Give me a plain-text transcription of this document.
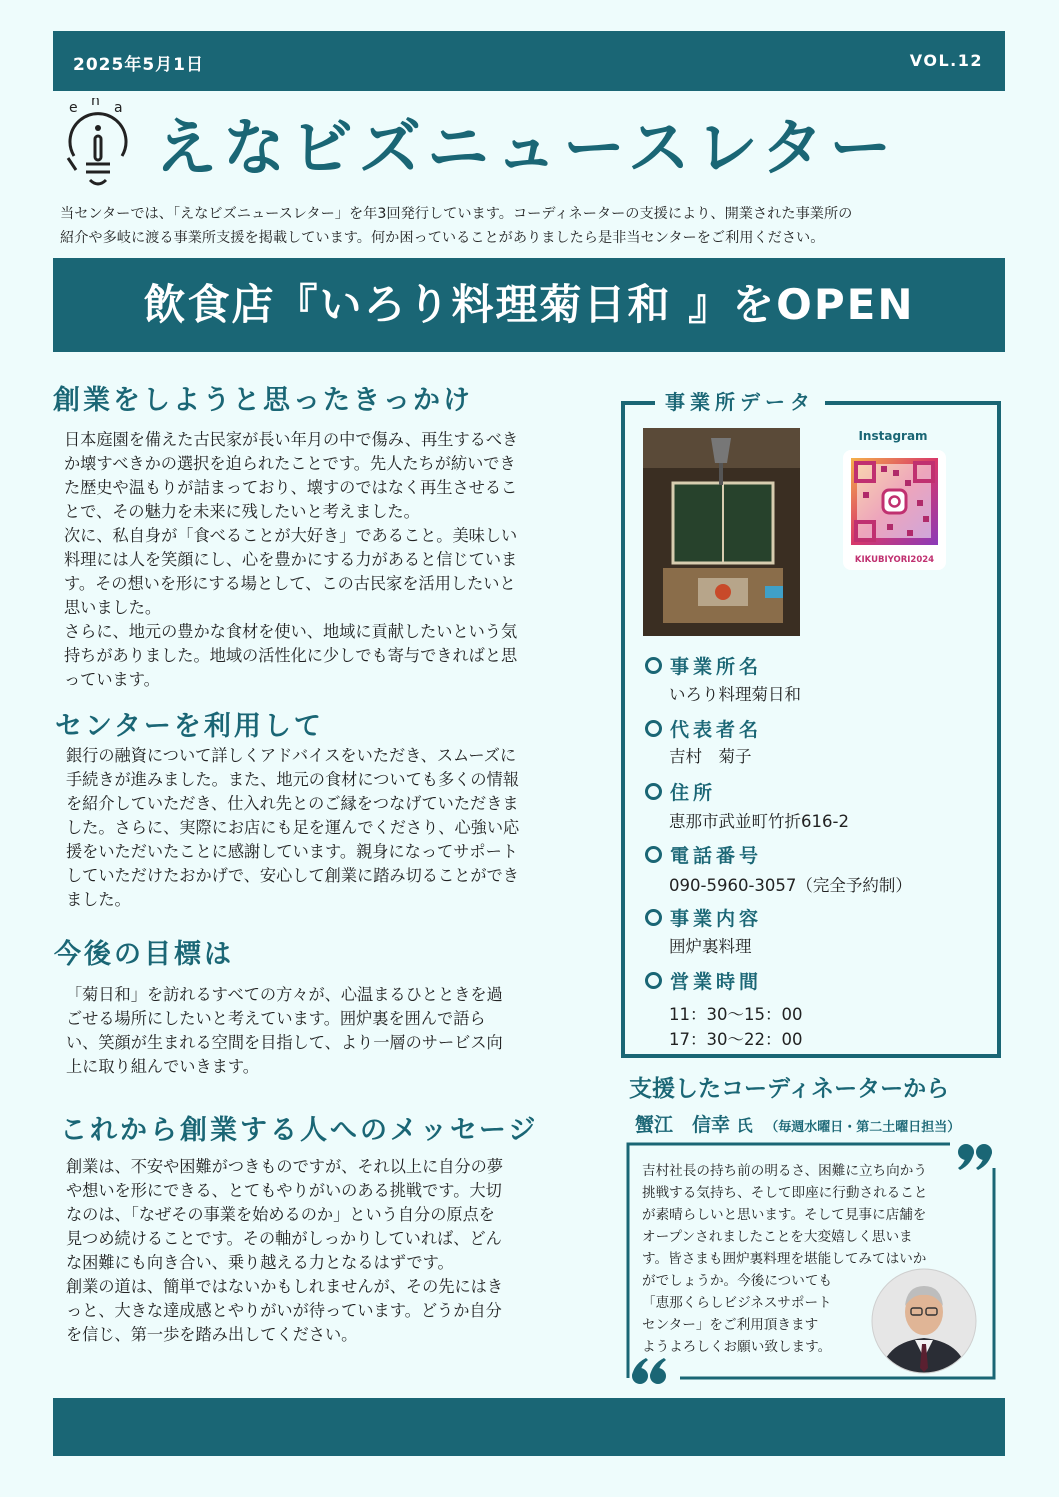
2025年5月1日	VOL.12
e n a
えなビズニュースレター
当センターでは、「えなビズニュースレター」を年3回発行しています。コーディネーターの支援により、開業された事業所の
紹介や多岐に渡る事業所支援を掲載しています。何か困っていることがありましたら是非当センターをご利用ください。
飲食店『いろり料理菊日和 』をOPEN
創業をしようと思ったきっかけ
日本庭園を備えた古民家が長い年月の中で傷み、再生するべき
か壊すべきかの選択を迫られたことです。先人たちが紡いでき
た歴史や温もりが詰まっており、壊すのではなく再生させるこ
とで、その魅力を未来に残したいと考えました。
次に、私自身が「食べることが大好き」であること。美味しい
料理には人を笑顔にし、心を豊かにする力があると信じていま
す。その想いを形にする場として、この古民家を活用したいと
思いました。
さらに、地元の豊かな食材を使い、地域に貢献したいという気
持ちがありました。地域の活性化に少しでも寄与できればと思
っています。
センターを利用して
銀行の融資について詳しくアドバイスをいただき、スムーズに
手続きが進みました。また、地元の食材についても多くの情報
を紹介していただき、仕入れ先とのご縁をつなげていただきま
した。さらに、実際にお店にも足を運んでくださり、心強い応
援をいただいたことに感謝しています。親身になってサポート
していただけたおかげで、安心して創業に踏み切ることができ
ました。
今後の目標は
「菊日和」を訪れるすべての方々が、心温まるひとときを過
ごせる場所にしたいと考えています。囲炉裏を囲んで語ら
い、笑顔が生まれる空間を目指して、より一層のサービス向
上に取り組んでいきます。
これから創業する人へのメッセージ
創業は、不安や困難がつきものですが、それ以上に自分の夢
や想いを形にできる、とてもやりがいのある挑戦です。大切
なのは、「なぜその事業を始めるのか」という自分の原点を
見つめ続けることです。その軸がしっかりしていれば、どん
な困難にも向き合い、乗り越える力となるはずです。
創業の道は、簡単ではないかもしれませんが、その先にはき
っと、大きな達成感とやりがいが待っています。どうか自分
を信じ、第一歩を踏み出してください。
事業所データ
Instagram
KIKUBIYORI2024
事業所名
いろり料理菊日和
代表者名
吉村　菊子
住所
恵那市武並町竹折616-2
電話番号
090-5960-3057（完全予約制）
事業内容
囲炉裏料理
営業時間
11：30〜15：00
17：30〜22：00
支援したコーディネーターから
蟹江　信幸 氏 （毎週水曜日・第二土曜日担当）
吉村社長の持ち前の明るさ、困難に立ち向かう
挑戦する気持ち、そして即座に行動されること
が素晴らしいと思います。そして見事に店舗を
オープンされましたことを大変嬉しく思いま
す。皆さまも囲炉裏料理を堪能してみてはいか
がでしょうか。今後についても
「恵那くらしビジネスサポート
センター」をご利用頂きます
ようよろしくお願い致します。
